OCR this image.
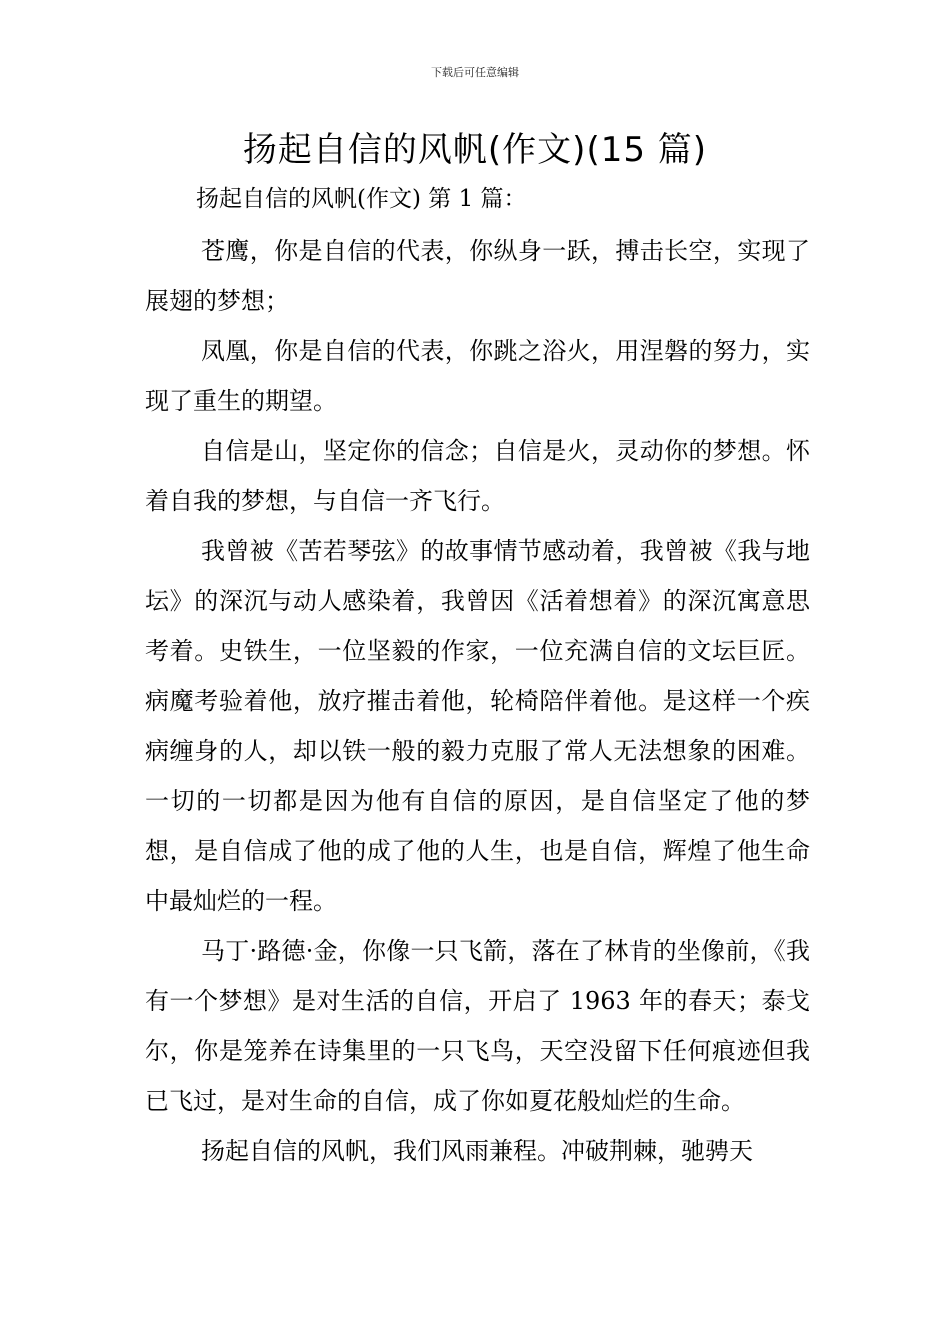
下载后可任意编辑
扬起自信的风帆(作文)(15 篇)
扬起自信的风帆(作文) 第 1 篇：

苍鹰，你是自信的代表，你纵身一跃，搏击长空，实现了展翅的梦想；

凤凰，你是自信的代表，你跳之浴火，用涅磐的努力，实现了重生的期望。

自信是山，坚定你的信念；自信是火，灵动你的梦想。怀着自我的梦想，与自信一齐飞行。

我曾被《苦若琴弦》的故事情节感动着，我曾被《我与地坛》的深沉与动人感染着，我曾因《活着想着》的深沉寓意思考着。史铁生，一位坚毅的作家，一位充满自信的文坛巨匠。病魔考验着他，放疗摧击着他，轮椅陪伴着他。是这样一个疾病缠身的人，却以铁一般的毅力克服了常人无法想象的困难。一切的一切都是因为他有自信的原因，是自信坚定了他的梦想，是自信成了他的成了他的人生，也是自信，辉煌了他生命中最灿烂的一程。

马丁·路德·金，你像一只飞箭，落在了林肯的坐像前，《我有一个梦想》是对生活的自信，开启了 1963 年的春天；泰戈尔，你是笼养在诗集里的一只飞鸟，天空没留下任何痕迹但我已飞过，是对生命的自信，成了你如夏花般灿烂的生命。

扬起自信的风帆，我们风雨兼程。冲破荆棘，驰骋天
